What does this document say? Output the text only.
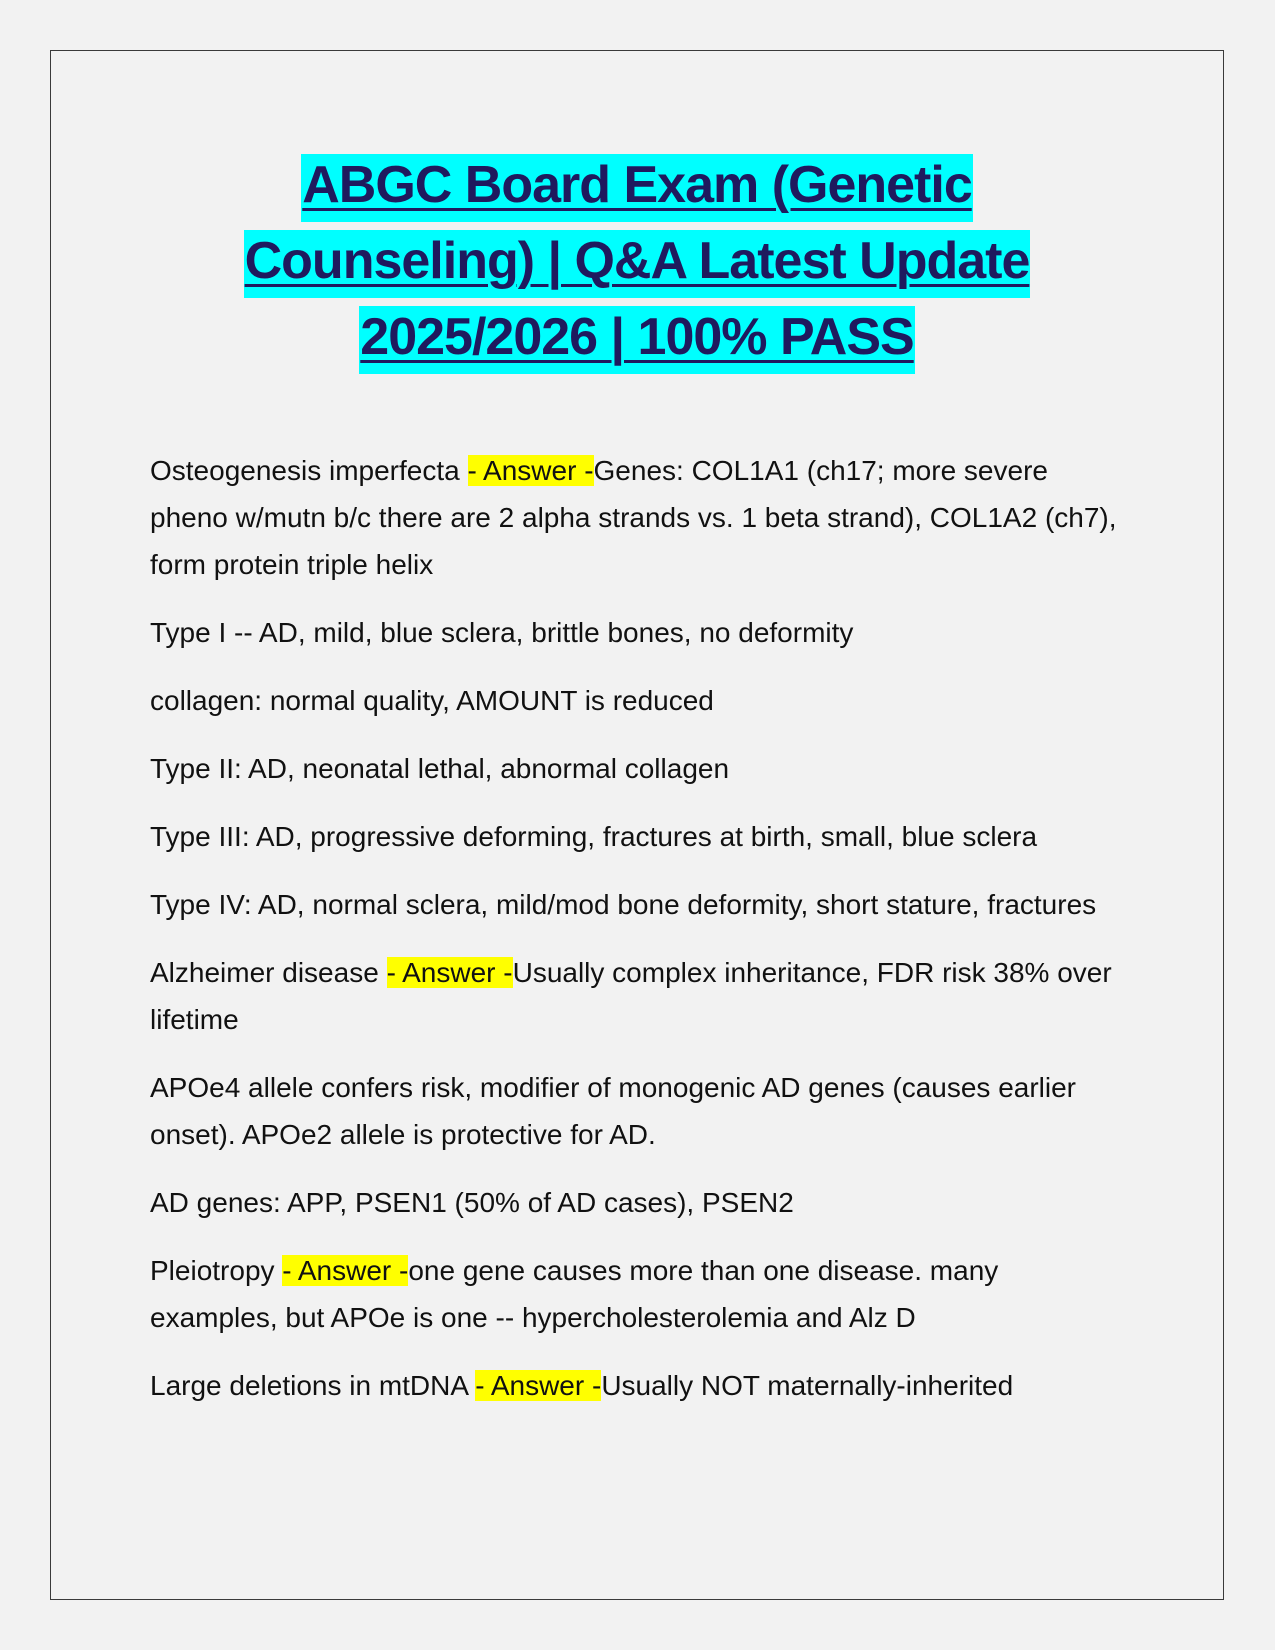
ABGC Board Exam (Genetic
Counseling) | Q&A Latest Update
2025/2026 | 100% PASS

Osteogenesis imperfecta - Answer -Genes: COL1A1 (ch17; more severe pheno w/mutn b/c there are 2 alpha strands vs. 1 beta strand), COL1A2 (ch7), form protein triple helix

Type I -- AD, mild, blue sclera, brittle bones, no deformity

collagen: normal quality, AMOUNT is reduced

Type II: AD, neonatal lethal, abnormal collagen

Type III: AD, progressive deforming, fractures at birth, small, blue sclera

Type IV: AD, normal sclera, mild/mod bone deformity, short stature, fractures

Alzheimer disease - Answer -Usually complex inheritance, FDR risk 38% over lifetime

APOe4 allele confers risk, modifier of monogenic AD genes (causes earlier onset). APOe2 allele is protective for AD.

AD genes: APP, PSEN1 (50% of AD cases), PSEN2

Pleiotropy - Answer -one gene causes more than one disease. many examples, but APOe is one -- hypercholesterolemia and Alz D

Large deletions in mtDNA - Answer -Usually NOT maternally-inherited
